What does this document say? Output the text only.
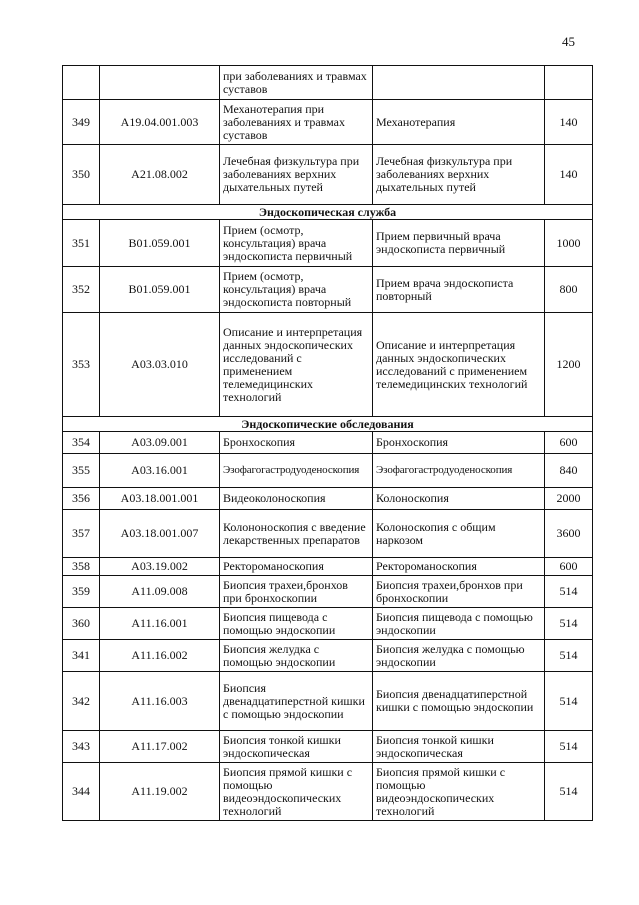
45
		при заболеваниях и травмах суставов		
349	A19.04.001.003	Механотерапия при заболеваниях и травмах суставов	Механотерапия	140
350	A21.08.002	Лечебная физкультура при заболеваниях верхних дыхательных путей	Лечебная физкультура при заболеваниях верхних дыхательных путей	140
Эндоскопическая служба				
351	B01.059.001	Прием (осмотр, консультация) врача эндоскописта первичный	Прием первичный врача эндоскописта первичный	1000
352	B01.059.001	Прием (осмотр, консультация) врача эндоскописта повторный	Прием врача эндоскописта повторный	800
353	A03.03.010	Описание и интерпретация данных эндоскопических исследований с применением телемедицинских технологий	Описание и интерпретация данных эндоскопических исследований с применением телемедицинских технологий	1200
Эндоскопические обследования				
354	A03.09.001	Бронхоскопия	Бронхоскопия	600
355	A03.16.001	Эзофагогастродуоденоскопия	Эзофагогастродуоденоскопия	840
356	A03.18.001.001	Видеоколоноскопия	Колоноскопия	2000
357	A03.18.001.007	Колононоскопия с введение лекарственных препаратов	Колоноскопия с общим наркозом	3600
358	A03.19.002	Ректороманоскопия	Ректороманоскопия	600
359	A11.09.008	Биопсия трахеи,бронхов при бронхоскопии	Биопсия трахеи,бронхов при бронхоскопии	514
360	A11.16.001	Биопсия пищевода с помощью эндоскопии	Биопсия пищевода с помощью эндоскопии	514
341	A11.16.002	Биопсия желудка с помощью эндоскопии	Биопсия желудка с помощью эндоскопии	514
342	A11.16.003	Биопсия двенадцатиперстной кишки с помощью эндоскопии	Биопсия двенадцатиперстной кишки с помощью эндоскопии	514
343	A11.17.002	Биопсия тонкой кишки эндоскопическая	Биопсия тонкой кишки эндоскопическая	514
344	A11.19.002	Биопсия прямой кишки с помощью видеоэндоскопических технологий	Биопсия прямой кишки с помощью видеоэндоскопических технологий	514
